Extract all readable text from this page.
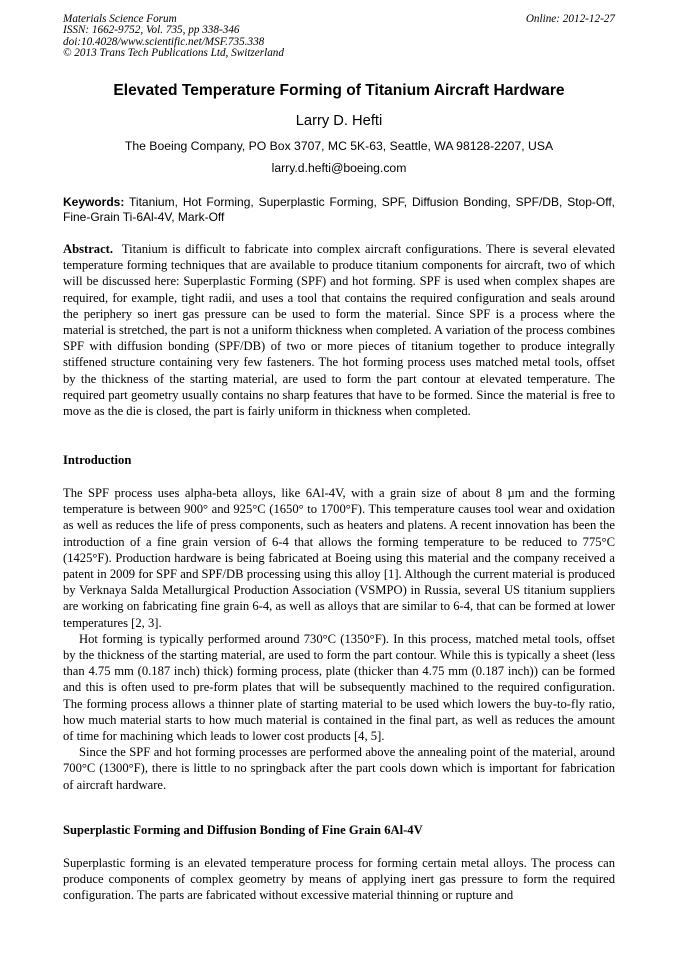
Materials Science Forum
ISSN: 1662-9752, Vol. 735, pp 338-346
doi:10.4028/www.scientific.net/MSF.735.338
© 2013 Trans Tech Publications Ltd, Switzerland
Online: 2012-12-27
Elevated Temperature Forming of Titanium Aircraft Hardware
Larry D. Hefti
The Boeing Company, PO Box 3707, MC 5K-63, Seattle, WA 98128-2207, USA
larry.d.hefti@boeing.com
Keywords: Titanium, Hot Forming, Superplastic Forming, SPF, Diffusion Bonding, SPF/DB, Stop-Off, Fine-Grain Ti-6Al-4V, Mark-Off

Abstract. Titanium is difficult to fabricate into complex aircraft configurations. There is several elevated temperature forming techniques that are available to produce titanium components for aircraft, two of which will be discussed here: Superplastic Forming (SPF) and hot forming. SPF is used when complex shapes are required, for example, tight radii, and uses a tool that contains the required configuration and seals around the periphery so inert gas pressure can be used to form the material. Since SPF is a process where the material is stretched, the part is not a uniform thickness when completed. A variation of the process combines SPF with diffusion bonding (SPF/DB) of two or more pieces of titanium together to produce integrally stiffened structure containing very few fasteners. The hot forming process uses matched metal tools, offset by the thickness of the starting material, are used to form the part contour at elevated temperature. The required part geometry usually contains no sharp features that have to be formed. Since the material is free to move as the die is closed, the part is fairly uniform in thickness when completed.

Introduction

The SPF process uses alpha-beta alloys, like 6Al-4V, with a grain size of about 8 µm and the forming temperature is between 900° and 925°C (1650° to 1700°F). This temperature causes tool wear and oxidation as well as reduces the life of press components, such as heaters and platens. A recent innovation has been the introduction of a fine grain version of 6-4 that allows the forming temperature to be reduced to 775°C (1425°F). Production hardware is being fabricated at Boeing using this material and the company received a patent in 2009 for SPF and SPF/DB processing using this alloy [1]. Although the current material is produced by Verknaya Salda Metallurgical Production Association (VSMPO) in Russia, several US titanium suppliers are working on fabricating fine grain 6-4, as well as alloys that are similar to 6-4, that can be formed at lower temperatures [2, 3].

Hot forming is typically performed around 730°C (1350°F). In this process, matched metal tools, offset by the thickness of the starting material, are used to form the part contour. While this is typically a sheet (less than 4.75 mm (0.187 inch) thick) forming process, plate (thicker than 4.75 mm (0.187 inch)) can be formed and this is often used to pre-form plates that will be subsequently machined to the required configuration. The forming process allows a thinner plate of starting material to be used which lowers the buy-to-fly ratio, how much material starts to how much material is contained in the final part, as well as reduces the amount of time for machining which leads to lower cost products [4, 5].

Since the SPF and hot forming processes are performed above the annealing point of the material, around 700°C (1300°F), there is little to no springback after the part cools down which is important for fabrication of aircraft hardware.

Superplastic Forming and Diffusion Bonding of Fine Grain 6Al-4V

Superplastic forming is an elevated temperature process for forming certain metal alloys. The process can produce components of complex geometry by means of applying inert gas pressure to form the required configuration. The parts are fabricated without excessive material thinning or rupture and
